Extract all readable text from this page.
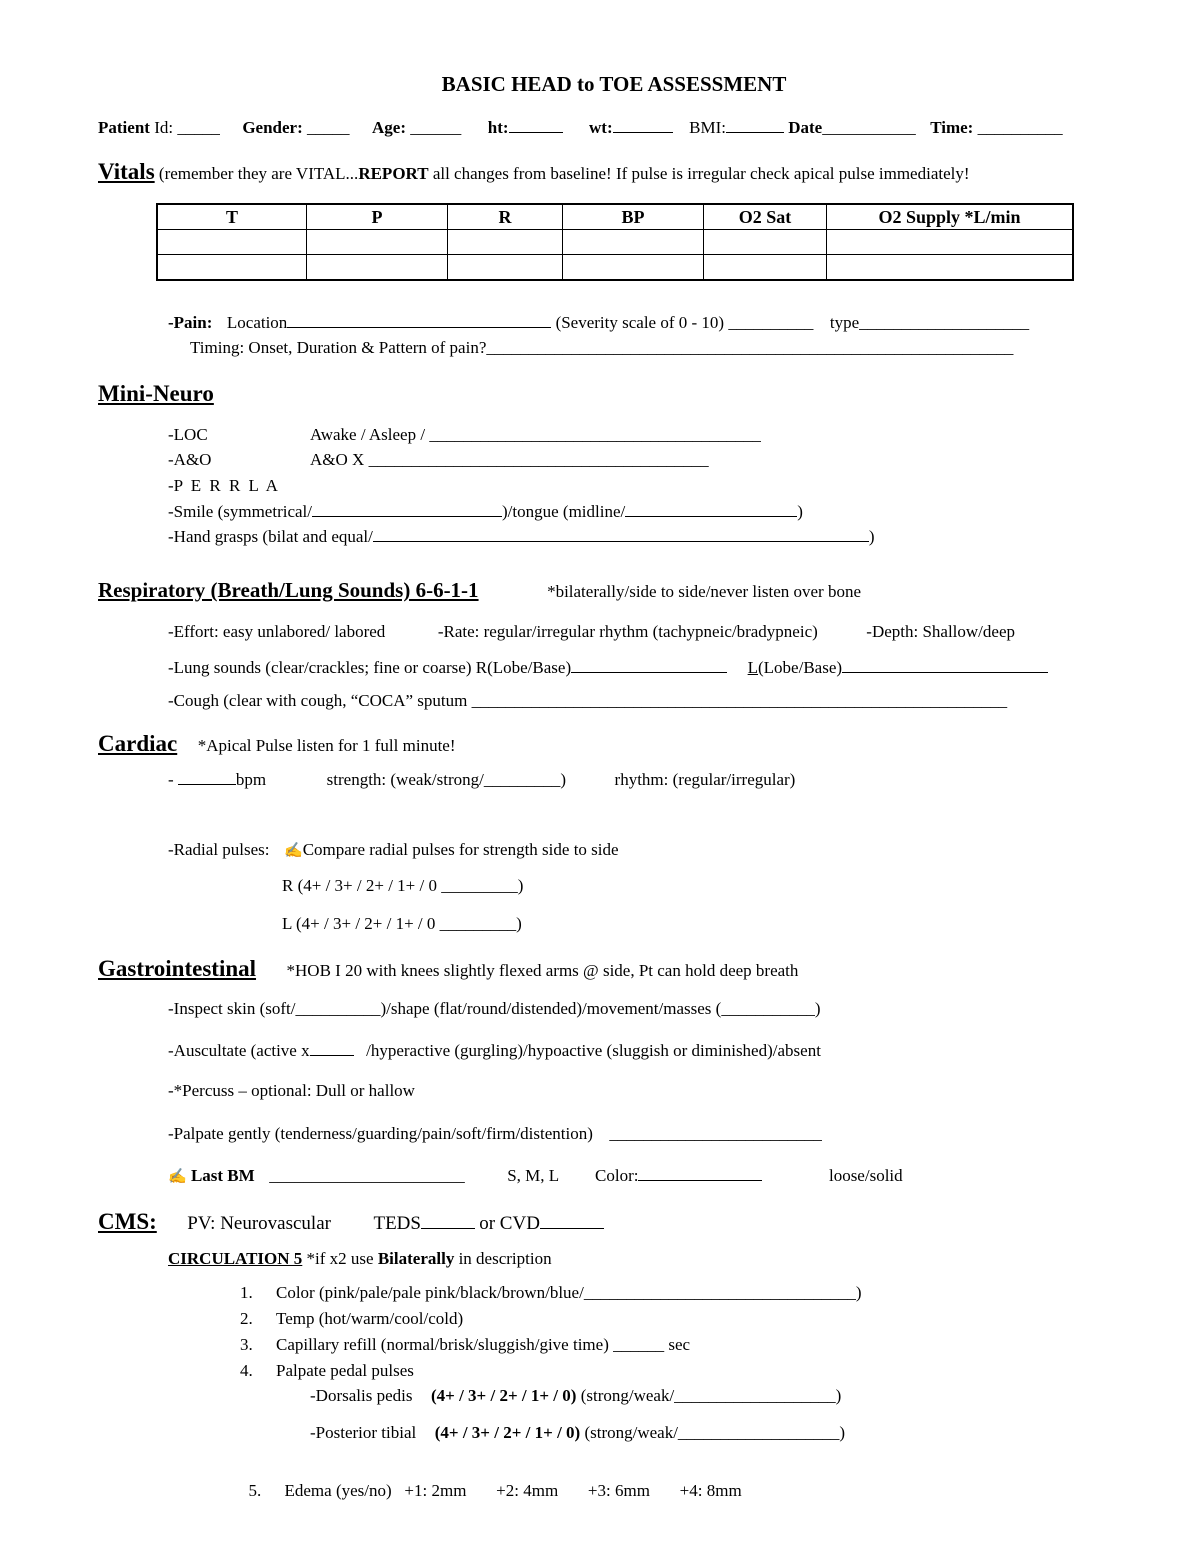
BASIC HEAD to TOE ASSESSMENT
Patient Id: _____ Gender: _____ Age: ______ ht:	wt:	BMI:	Date___________ Time: __________
Vitals (remember they are VITAL...REPORT all changes from baseline! If pulse is irregular check apical pulse immediately!
T	P	R	BP	O2 Sat	O2 Supply *L/min

-Pain: Location	(Severity scale of 0 - 10) __________ type____________________
Timing: Onset, Duration & Pattern of pain?______________________________________________________________
Mini-Neuro
-LOC	Awake / Asleep / _______________________________________
-A&O	A&O X ________________________________________
-P E R R L A
-Smile (symmetrical/	)/tongue (midline/	)
-Hand grasps (bilat and equal/	)
Respiratory (Breath/Lung Sounds) 6-6-1-1	*bilaterally/side to side/never listen over bone
-Effort: easy unlabored/ labored	-Rate: regular/irregular rhythm (tachypneic/bradypneic)	-Depth: Shallow/deep
-Lung sounds (clear/crackles; fine or coarse) R(Lobe/Base)	L(Lobe/Base)
-Cough (clear with cough, “COCA” sputum _______________________________________________________________
Cardiac *Apical Pulse listen for 1 full minute!
-	bpm	strength: (weak/strong/_________)	rhythm: (regular/irregular)
-Radial pulses: ✍Compare radial pulses for strength side to side
R (4+ / 3+ / 2+ / 1+ / 0 _________)
L (4+ / 3+ / 2+ / 1+ / 0 _________)
Gastrointestinal *HOB I 20 with knees slightly flexed arms @ side, Pt can hold deep breath
-Inspect skin (soft/__________)/shape (flat/round/distended)/movement/masses (___________)
-Auscultate (active x	/hyperactive (gurgling)/hypoactive (sluggish or diminished)/absent
-*Percuss – optional: Dull or hallow
-Palpate gently (tenderness/guarding/pain/soft/firm/distention) _________________________
✍ Last BM _______________________	S, M, L Color:	loose/solid
CMS: PV: Neurovascular TEDS	or CVD
CIRCULATION 5 *if x2 use Bilaterally in description
1. Color (pink/pale/pale pink/black/brown/blue/________________________________)
2. Temp (hot/warm/cool/cold)
3. Capillary refill (normal/brisk/sluggish/give time) ______ sec
4. Palpate pedal pulses
-Dorsalis pedis (4+ / 3+ / 2+ / 1+ / 0) (strong/weak/___________________)
-Posterior tibial (4+ / 3+ / 2+ / 1+ / 0) (strong/weak/___________________)

5. Edema (yes/no)   +1: 2mm       +2: 4mm       +3: 6mm       +4: 8mm
